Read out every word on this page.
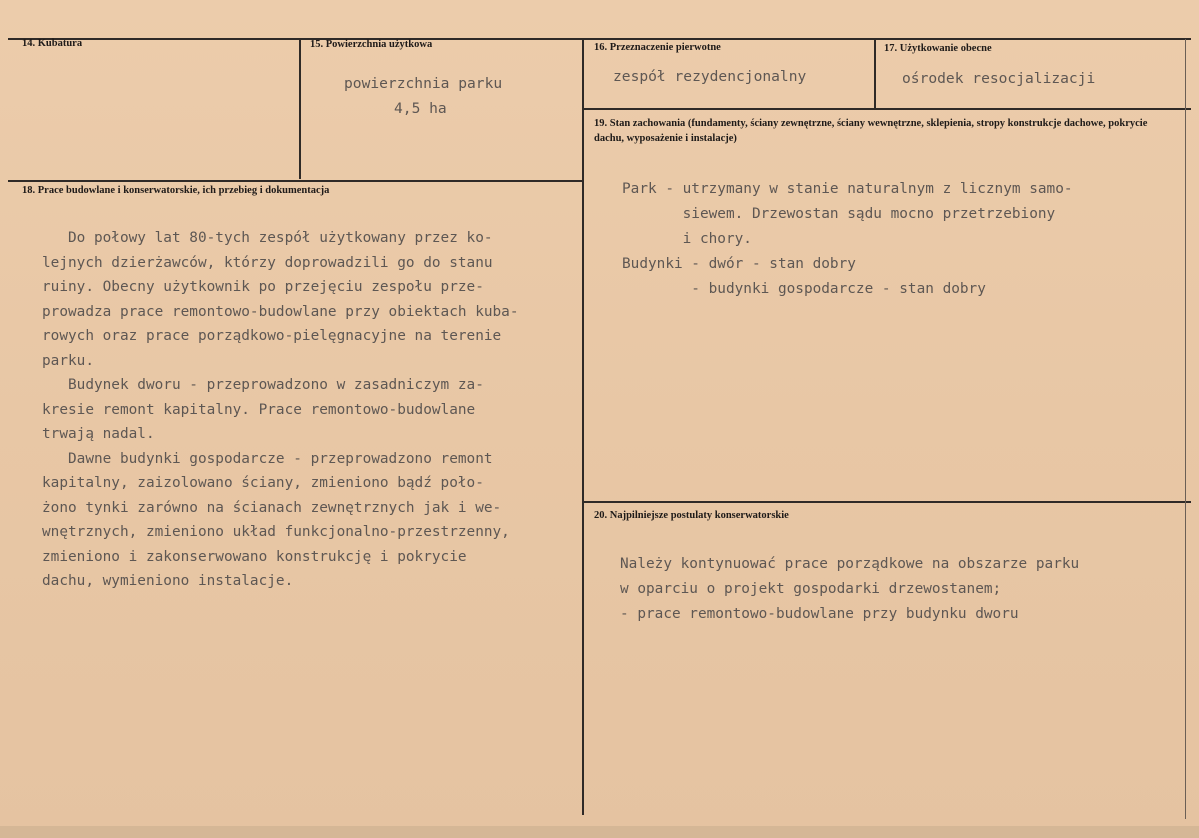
14. Kubatura	15. Powierzchnia użytkowa
powierzchnia parku
4,5 ha
16. Przeznaczenie pierwotne
zespół rezydencjonalny
17. Użytkowanie obecne
ośrodek resocjalizacji
18. Prace budowlane i konserwatorskie, ich przebieg i dokumentacja
Do połowy lat 80-tych zespół użytkowany przez ko-
lejnych dzierżawców, którzy doprowadzili go do stanu
ruiny. Obecny użytkownik po przejęciu zespołu prze-
prowadza prace remontowo-budowlane przy obiektach kuba-
rowych oraz prace porządkowo-pielęgnacyjne na terenie
parku.
Budynek dworu - przeprowadzono w zasadniczym za-
kresie remont kapitalny. Prace remontowo-budowlane
trwają nadal.
Dawne budynki gospodarcze - przeprowadzono remont
kapitalny, zaizolowano ściany, zmieniono bądź poło-
żono tynki zarówno na ścianach zewnętrznych jak i we-
wnętrznych, zmieniono układ funkcjonalno-przestrzenny,
zmieniono i zakonserwowano konstrukcję i pokrycie
dachu, wymieniono instalacje.
19. Stan zachowania (fundamenty, ściany zewnętrzne, ściany wewnętrzne, sklepienia, stropy konstrukcje dachowe, pokrycie dachu, wyposażenie i instalacje)
Park - utrzymany w stanie naturalnym z licznym samo-
siewem. Drzewostan sądu mocno przetrzebiony
i chory.
Budynki - dwór - stan dobry
- budynki gospodarcze - stan dobry
20. Najpilniejsze postulaty konserwatorskie
Należy kontynuować prace porządkowe na obszarze parku
w oparciu o projekt gospodarki drzewostanem;
- prace remontowo-budowlane przy budynku dworu
